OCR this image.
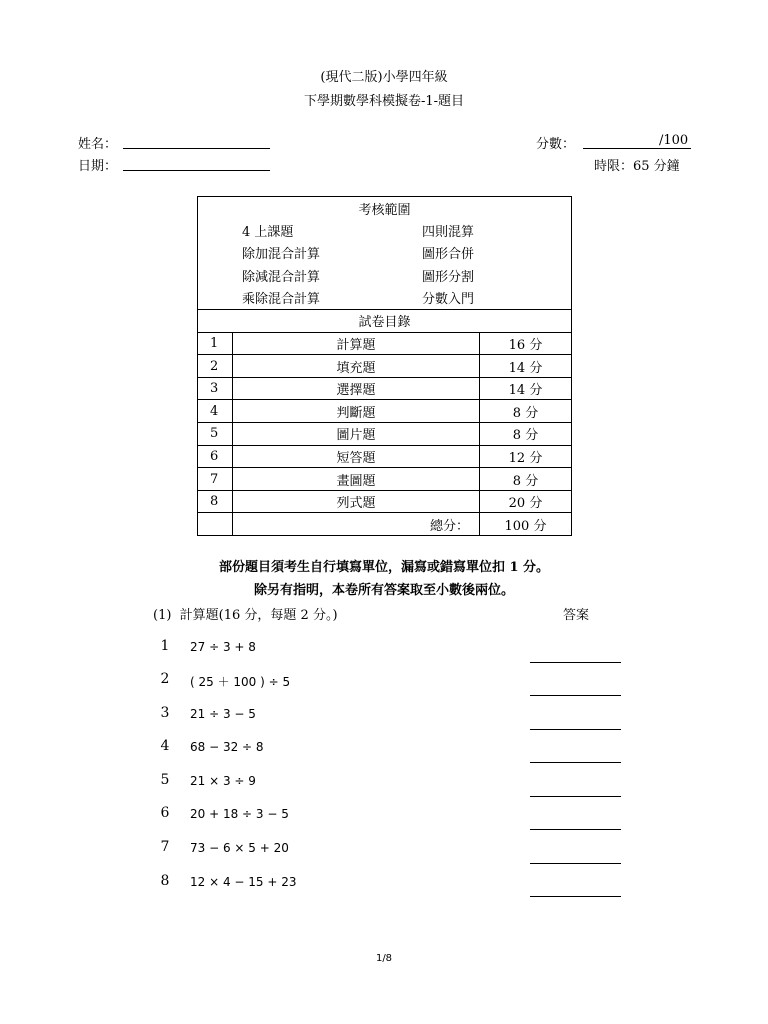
(現代二版)小學四年級
下學期數學科模擬卷-1-題目
姓名：
日期：
分數：	/100
時限：65 分鐘
考核範圍		

4 上課題 四則混算		

除加混合計算 圖形合併		

除減混合計算 圖形分割		

乘除混合計算 分數入門		

試卷目錄		
1	計算題	16 分
2	填充題	14 分
3	選擇題	14 分
4	判斷題	8 分
5	圖片題	8 分
6	短答題	12 分
7	畫圖題	8 分
8	列式題	20 分
	總分：	100 分
部份題目須考生自行填寫單位，漏寫或錯寫單位扣 1 分。
除另有指明，本卷所有答案取至小數後兩位。
(1)  計算題(16 分，每題 2 分。)	答案
1 27 ÷ 3 + 8
2 ( 25 ＋ 100 ) ÷ 5
3 21 ÷ 3 − 5
4 68 − 32 ÷ 8
5 21 × 3 ÷ 9
6 20 + 18 ÷ 3 − 5
7 73 − 6 × 5 + 20
8 12 × 4 − 15 + 23
1/8
